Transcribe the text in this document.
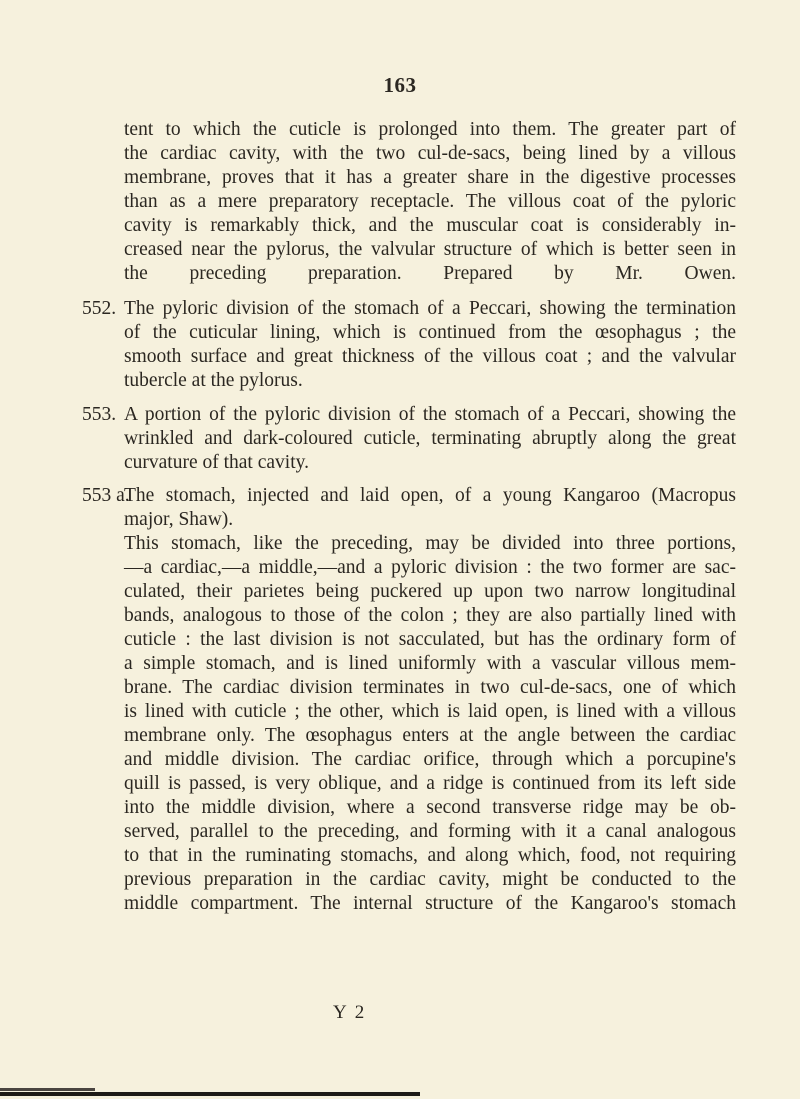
163

tent to which the cuticle is prolonged into them. The greater part of

the cardiac cavity, with the two cul-de-sacs, being lined by a villous

membrane, proves that it has a greater share in the digestive processes

than as a mere preparatory receptacle. The villous coat of the pyloric

cavity is remarkably thick, and the muscular coat is considerably in-

creased near the pylorus, the valvular structure of which is better seen in

the preceding preparation. Prepared by Mr. Owen.

552. The pyloric division of the stomach of a Peccari, showing the termination

of the cuticular lining, which is continued from the œsophagus ; the

smooth surface and great thickness of the villous coat ; and the valvular

tubercle at the pylorus.

553. A portion of the pyloric division of the stomach of a Peccari, showing the

wrinkled and dark-coloured cuticle, terminating abruptly along the great

curvature of that cavity.

553 a.

The stomach, injected and laid open, of a young Kangaroo (Macropus

major, Shaw).

This stomach, like the preceding, may be divided into three portions,

—a cardiac,—a middle,—and a pyloric division : the two former are sac-

culated, their parietes being puckered up upon two narrow longitudinal

bands, analogous to those of the colon ; they are also partially lined with

cuticle : the last division is not sacculated, but has the ordinary form of

a simple stomach, and is lined uniformly with a vascular villous mem-

brane. The cardiac division terminates in two cul-de-sacs, one of which

is lined with cuticle ; the other, which is laid open, is lined with a villous

membrane only. The œsophagus enters at the angle between the cardiac

and middle division. The cardiac orifice, through which a porcupine's

quill is passed, is very oblique, and a ridge is continued from its left side

into the middle division, where a second transverse ridge may be ob-

served, parallel to the preceding, and forming with it a canal analogous

to that in the ruminating stomachs, and along which, food, not requiring

previous preparation in the cardiac cavity, might be conducted to the

middle compartment. The internal structure of the Kangaroo's stomach

Y 2
